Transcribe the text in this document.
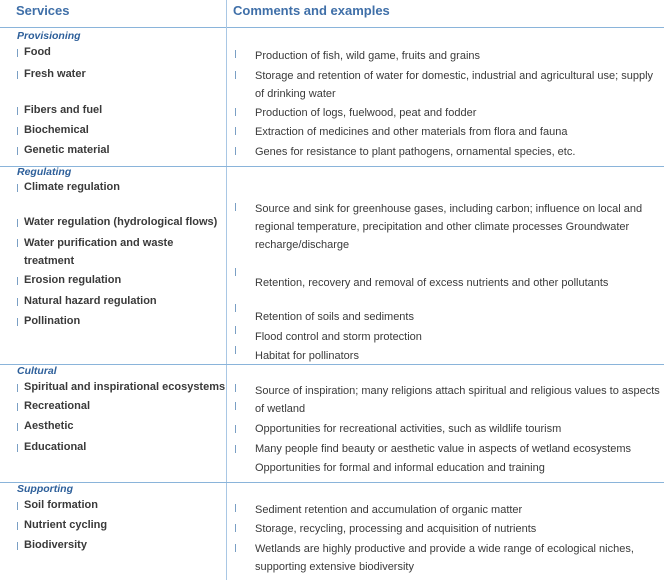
Services	Comments and examples
Provisioning
Food
Fresh water
Fibers and fuel
Biochemical
Genetic material
Production of fish, wild game, fruits and grains
Storage and retention of water for domestic, industrial and agricultural use; supply of drinking water
Production of logs, fuelwood, peat and fodder
Extraction of medicines and other materials from flora and fauna
Genes for resistance to plant pathogens, ornamental species, etc.
Regulating
Climate regulation
Water regulation (hydrological flows)
Water purification and waste treatment
Erosion regulation
Natural hazard regulation
Pollination
Source and sink for greenhouse gases, including carbon; influence on local and regional temperature, precipitation and other climate processes Groundwater recharge/discharge
Retention, recovery and removal of excess nutrients and other pollutants
Retention of soils and sediments
Flood control and storm protection
Habitat for pollinators
Cultural
Spiritual and inspirational ecosystems
Recreational
Aesthetic
Educational
Source of inspiration; many religions attach spiritual and religious values to aspects of wetland
Opportunities for recreational activities, such as wildlife tourism
Many people find beauty or aesthetic value in aspects of wetland ecosystems
Opportunities for formal and informal education and training
Supporting
Soil formation
Nutrient cycling
Biodiversity
Sediment retention and accumulation of organic matter
Storage, recycling, processing and acquisition of nutrients
Wetlands are highly productive and provide a wide range of ecological niches, supporting extensive biodiversity
